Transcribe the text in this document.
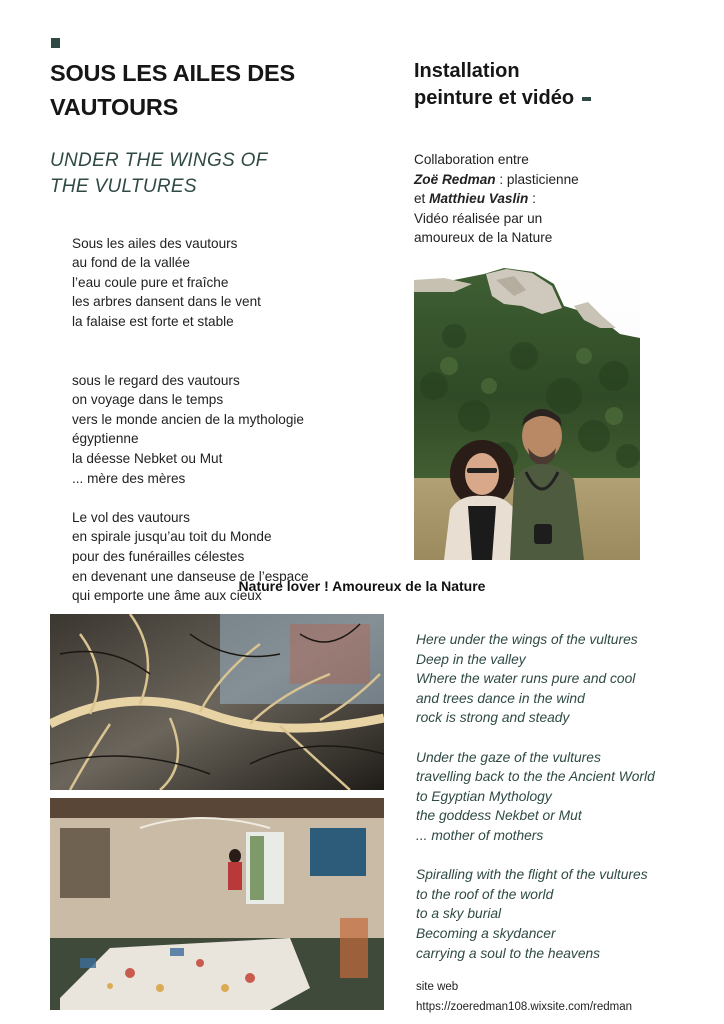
SOUS LES AILES DES
VAUTOURS
UNDER THE WINGS OF
THE VULTURES

Sous les ailes des vautours
au fond de la vallée
l’eau coule pure et fraîche
les arbres dansent dans le vent
la falaise est forte et stable

sous le regard des vautours
on voyage dans le temps
vers le monde ancien de la mythologie
égyptienne
la déesse Nebket ou Mut
... mère des mères
Le vol des vautours
en spirale jusqu’au toit du Monde
pour des funérailles célestes
en devenant une danseuse de l’espace
qui emporte une âme aux cieux
Installation
peinture et vidéo
Collaboration entre
Zoë Redman : plasticienne
et Matthieu Vaslin :
Vidéo réalisée par un
amoureux de la Nature
Nature lover ! Amoureux de la Nature
Here under the wings of the vultures
Deep in the valley
Where the water runs pure and cool
and trees dance in the wind
rock is strong and steady
Under the gaze of the vultures
travelling back to the the Ancient World
to Egyptian Mythology
the goddess Nekbet or Mut
... mother of mothers
Spiralling with the flight of the vultures
to the roof of the world
to a sky burial
Becoming a skydancer
carrying a soul to the heavens
site web
https://zoeredman108.wixsite.com/redman
